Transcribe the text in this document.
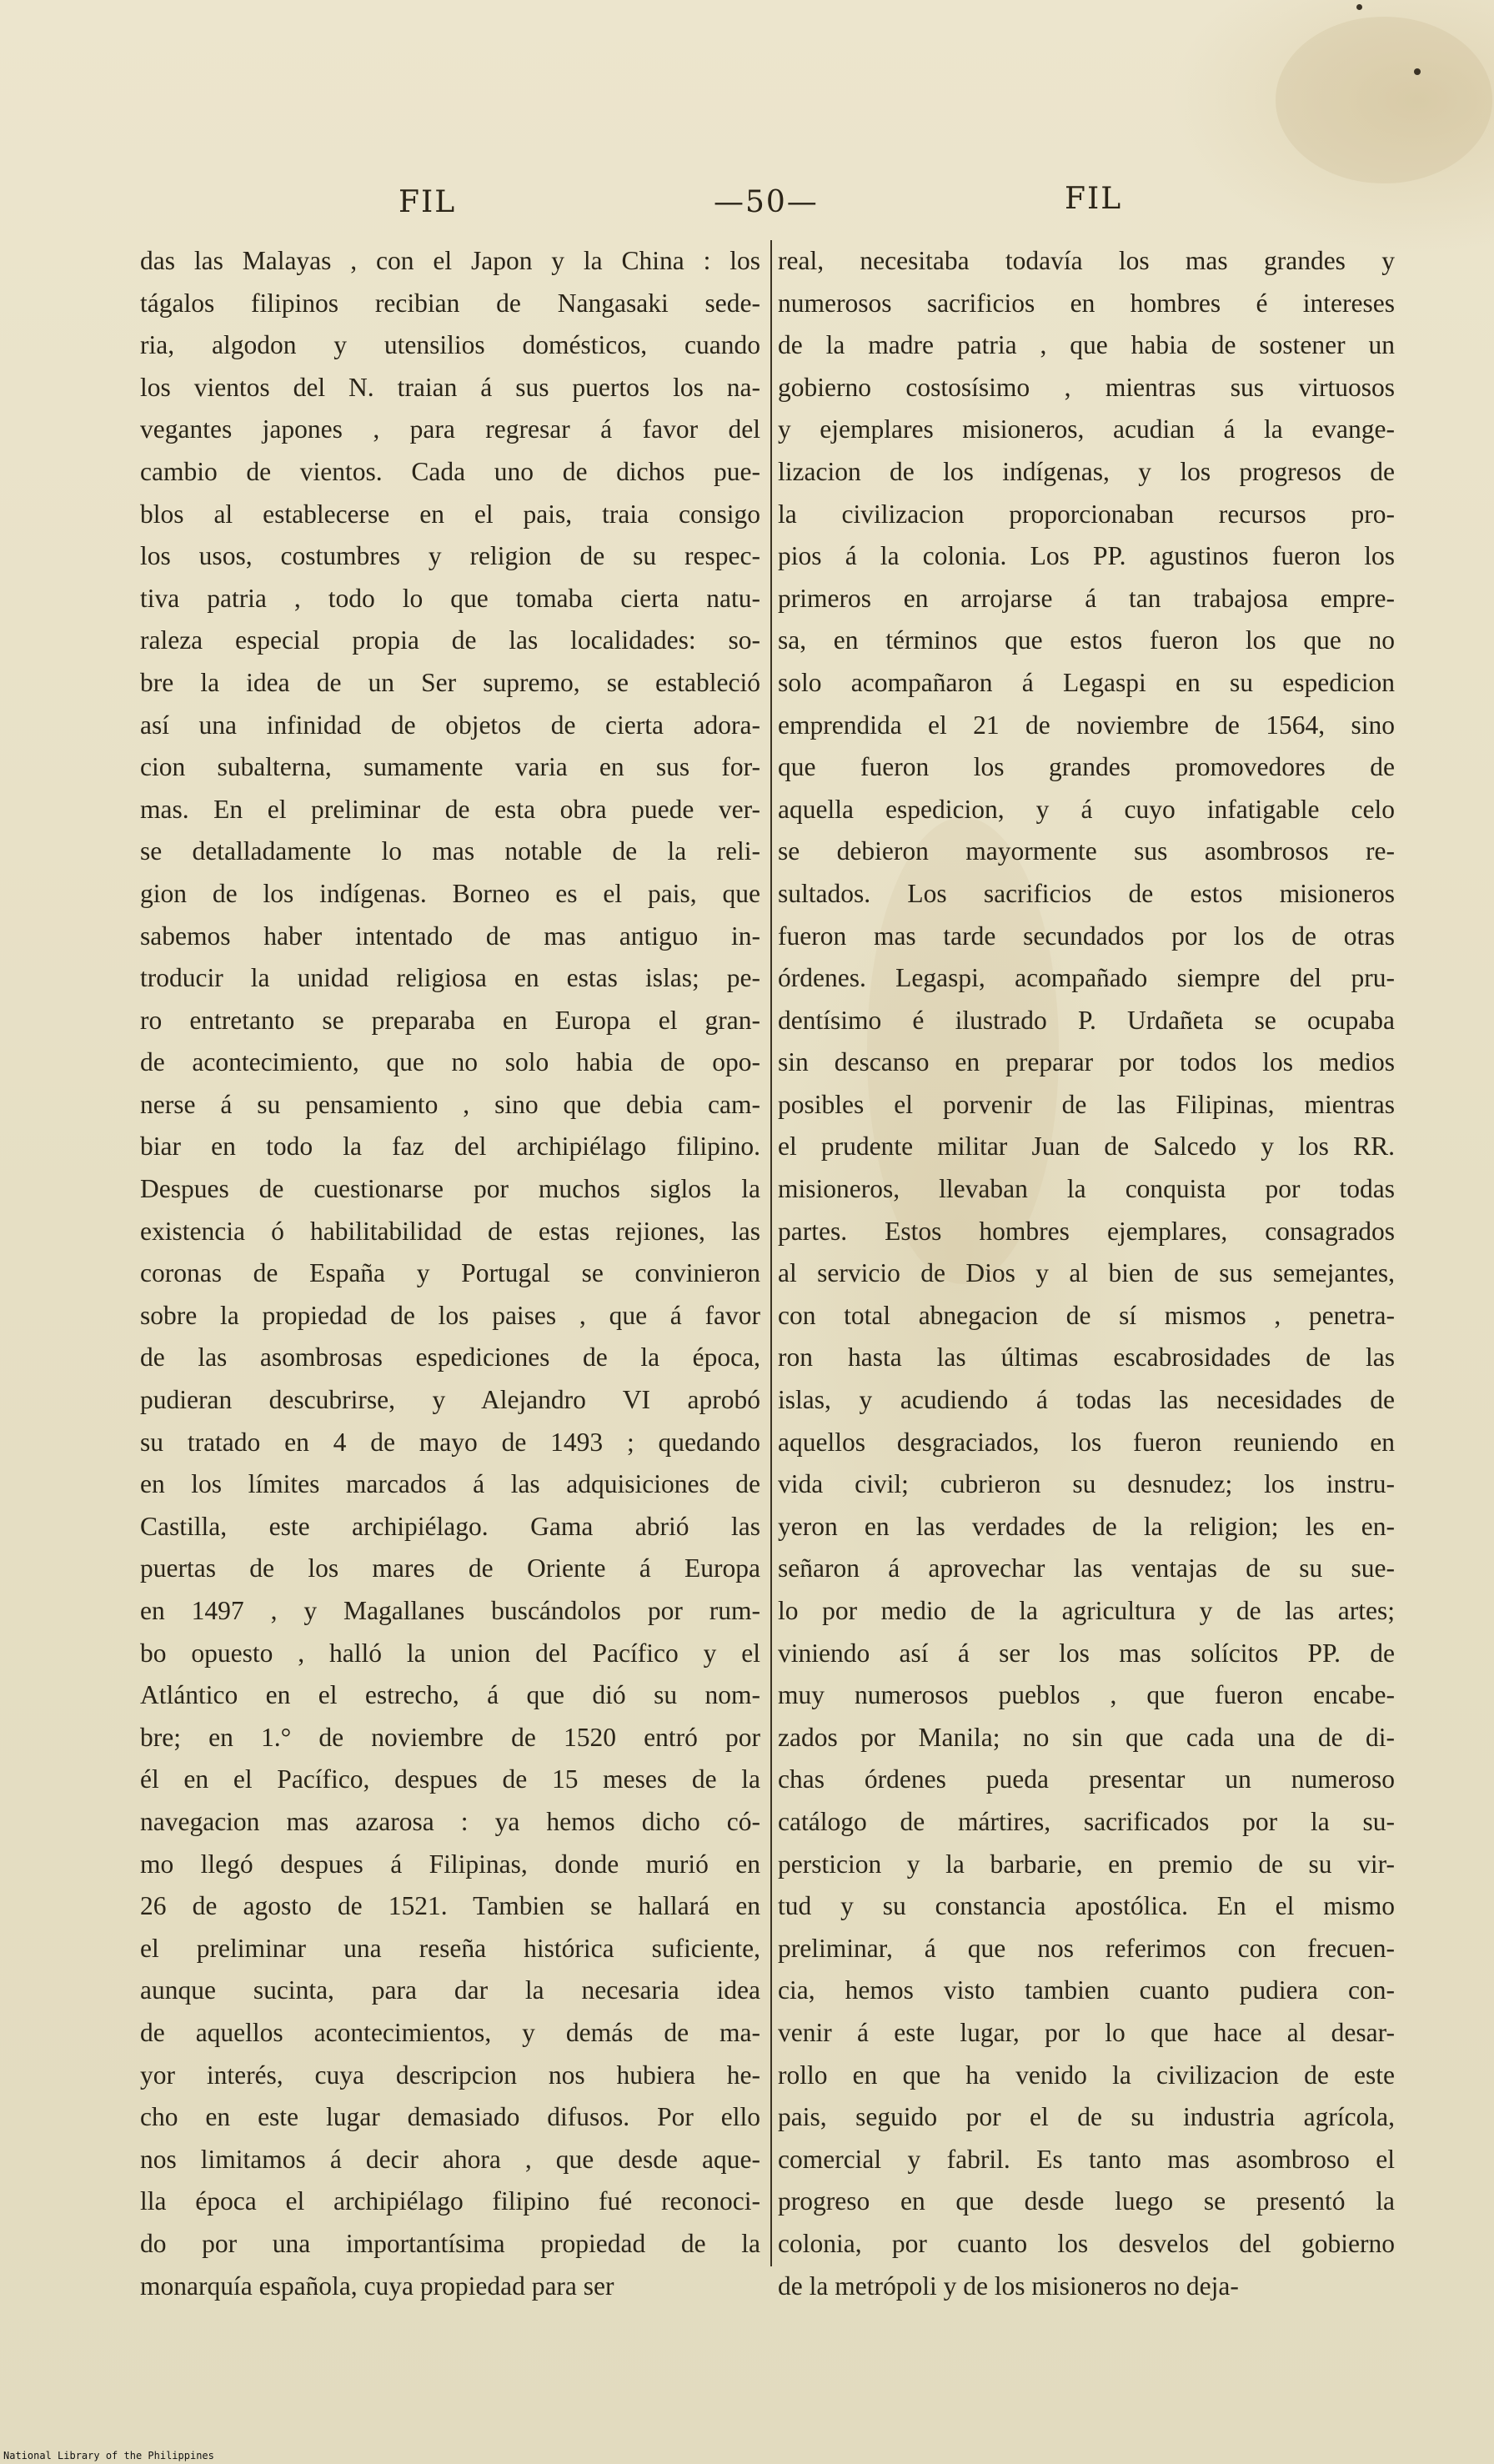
FIL	—50—	FIL
das las Malayas , con el Japon y la China : los
tágalos filipinos recibian de Nangasaki sede-
ria, algodon y utensilios domésticos, cuando
los vientos del N. traian á sus puertos los na-
vegantes japones , para regresar á favor del
cambio de vientos. Cada uno de dichos pue-
blos al establecerse en el pais, traia consigo
los usos, costumbres y religion de su respec-
tiva patria , todo lo que tomaba cierta natu-
raleza especial propia de las localidades: so-
bre la idea de un Ser supremo, se estableció
así una infinidad de objetos de cierta adora-
cion subalterna, sumamente varia en sus for-
mas. En el preliminar de esta obra puede ver-
se detalladamente lo mas notable de la reli-
gion de los indígenas. Borneo es el pais, que
sabemos haber intentado de mas antiguo in-
troducir la unidad religiosa en estas islas; pe-
ro entretanto se preparaba en Europa el gran-
de acontecimiento, que no solo habia de opo-
nerse á su pensamiento , sino que debia cam-
biar en todo la faz del archipiélago filipino.
Despues de cuestionarse por muchos siglos la
existencia ó habilitabilidad de estas rejiones, las
coronas de España y Portugal se convinieron
sobre la propiedad de los paises , que á favor
de las asombrosas espediciones de la época,
pudieran descubrirse, y Alejandro VI aprobó
su tratado en 4 de mayo de 1493 ; quedando
en los límites marcados á las adquisiciones de
Castilla, este archipiélago. Gama abrió las
puertas de los mares de Oriente á Europa
en 1497 , y Magallanes buscándolos por rum-
bo opuesto , halló la union del Pacífico y el
Atlántico en el estrecho, á que dió su nom-
bre; en 1.° de noviembre de 1520 entró por
él en el Pacífico, despues de 15 meses de la
navegacion mas azarosa : ya hemos dicho có-
mo llegó despues á Filipinas, donde murió en
26 de agosto de 1521. Tambien se hallará en
el preliminar una reseña histórica suficiente,
aunque sucinta, para dar la necesaria idea
de aquellos acontecimientos, y demás de ma-
yor interés, cuya descripcion nos hubiera he-
cho en este lugar demasiado difusos. Por ello
nos limitamos á decir ahora , que desde aque-
lla época el archipiélago filipino fué reconoci-
do por una importantísima propiedad de la
monarquía española, cuya propiedad para ser
real, necesitaba todavía los mas grandes y
numerosos sacrificios en hombres é intereses
de la madre patria , que habia de sostener un
gobierno costosísimo , mientras sus virtuosos
y ejemplares misioneros, acudian á la evange-
lizacion de los indígenas, y los progresos de
la civilizacion proporcionaban recursos pro-
pios á la colonia. Los PP. agustinos fueron los
primeros en arrojarse á tan trabajosa empre-
sa, en términos que estos fueron los que no
solo acompañaron á Legaspi en su espedicion
emprendida el 21 de noviembre de 1564, sino
que fueron los grandes promovedores de
aquella espedicion, y á cuyo infatigable celo
se debieron mayormente sus asombrosos re-
sultados. Los sacrificios de estos misioneros
fueron mas tarde secundados por los de otras
órdenes. Legaspi, acompañado siempre del pru-
dentísimo é ilustrado P. Urdañeta se ocupaba
sin descanso en preparar por todos los medios
posibles el porvenir de las Filipinas, mientras
el prudente militar Juan de Salcedo y los RR.
misioneros, llevaban la conquista por todas
partes. Estos hombres ejemplares, consagrados
al servicio de Dios y al bien de sus semejantes,
con total abnegacion de sí mismos , penetra-
ron hasta las últimas escabrosidades de las
islas, y acudiendo á todas las necesidades de
aquellos desgraciados, los fueron reuniendo en
vida civil; cubrieron su desnudez; los instru-
yeron en las verdades de la religion; les en-
señaron á aprovechar las ventajas de su sue-
lo por medio de la agricultura y de las artes;
viniendo así á ser los mas solícitos PP. de
muy numerosos pueblos , que fueron encabe-
zados por Manila; no sin que cada una de di-
chas órdenes pueda presentar un numeroso
catálogo de mártires, sacrificados por la su-
persticion y la barbarie, en premio de su vir-
tud y su constancia apostólica. En el mismo
preliminar, á que nos referimos con frecuen-
cia, hemos visto tambien cuanto pudiera con-
venir á este lugar, por lo que hace al desar-
rollo en que ha venido la civilizacion de este
pais, seguido por el de su industria agrícola,
comercial y fabril. Es tanto mas asombroso el
progreso en que desde luego se presentó la
colonia, por cuanto los desvelos del gobierno
de la metrópoli y de los misioneros no deja-
National Library of the Philippines
